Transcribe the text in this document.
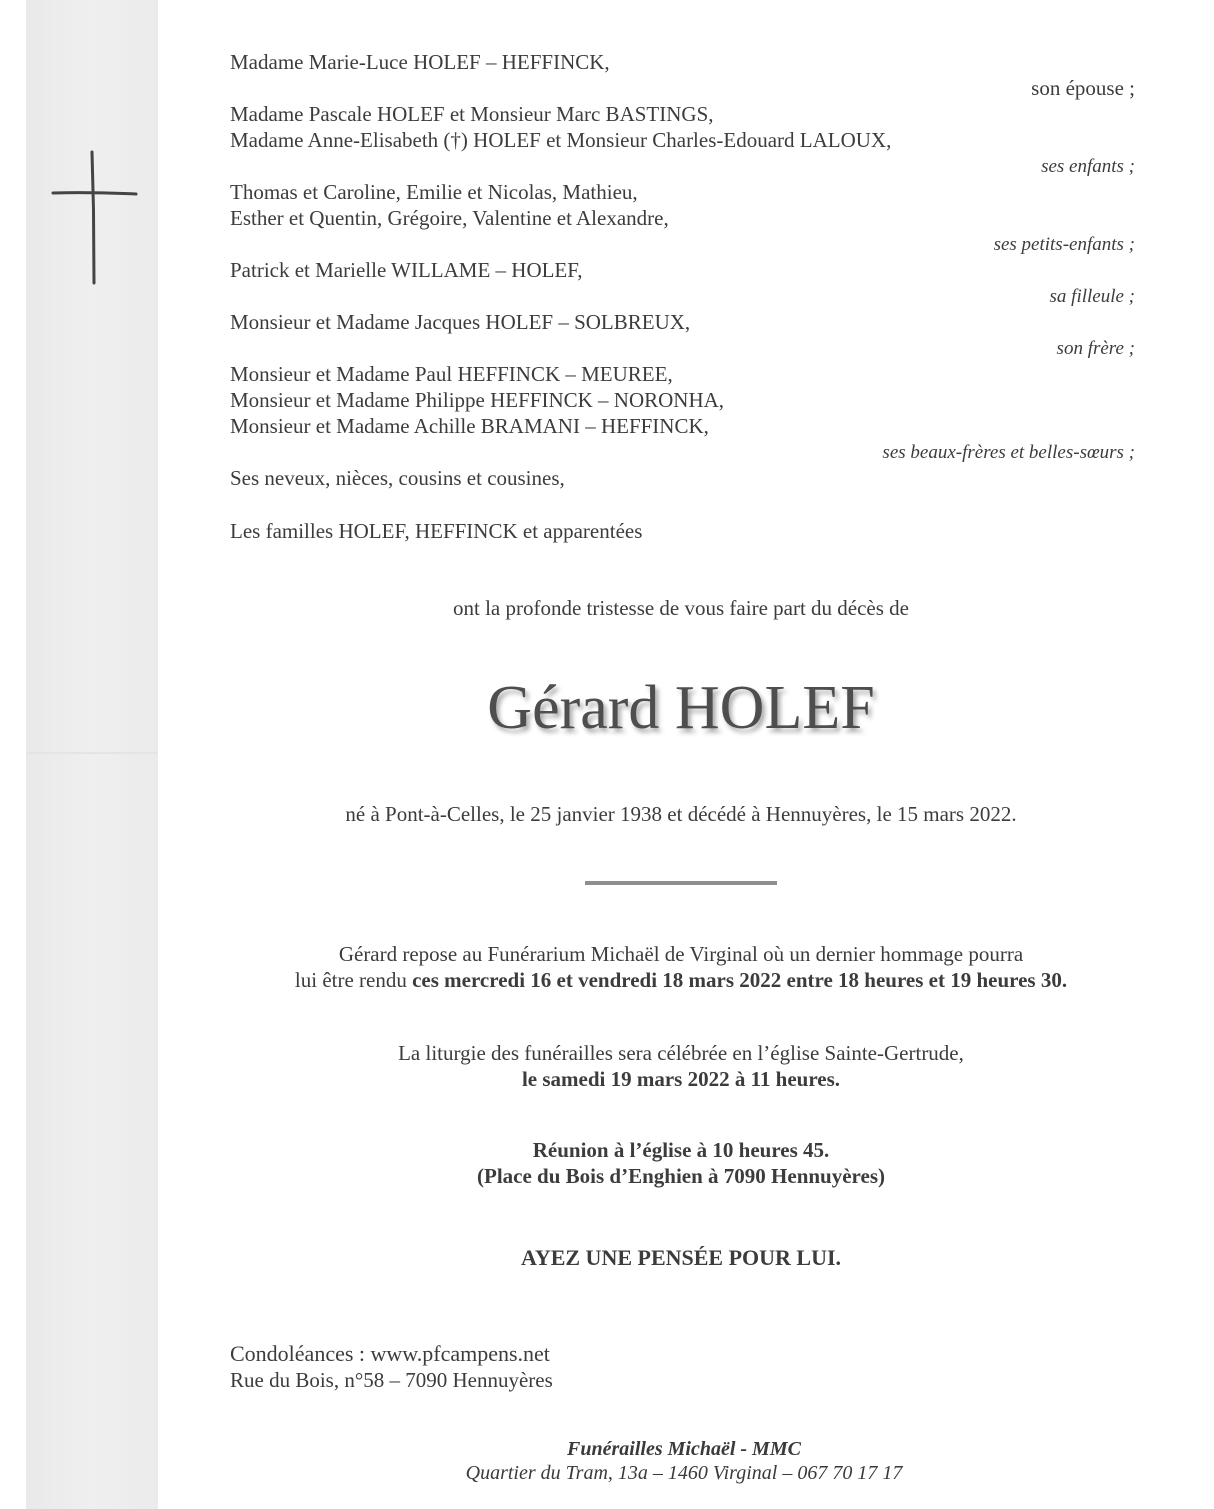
Madame Marie-Luce HOLEF – HEFFINCK,
son épouse ;
Madame Pascale HOLEF et Monsieur Marc BASTINGS,
Madame Anne-Elisabeth (†) HOLEF et Monsieur Charles-Edouard LALOUX,
ses enfants ;
Thomas et Caroline, Emilie et Nicolas, Mathieu,
Esther et Quentin, Grégoire, Valentine et Alexandre,
ses petits-enfants ;
Patrick et Marielle WILLAME – HOLEF,
sa filleule ;
Monsieur et Madame Jacques HOLEF – SOLBREUX,
son frère ;
Monsieur et Madame Paul HEFFINCK – MEUREE,
Monsieur et Madame Philippe HEFFINCK – NORONHA,
Monsieur et Madame Achille BRAMANI – HEFFINCK,
ses beaux-frères et belles-sœurs ;
Ses neveux, nièces, cousins et cousines,
Les familles HOLEF, HEFFINCK et apparentées
ont la profonde tristesse de vous faire part du décès de
Gérard HOLEF
né à Pont-à-Celles, le 25 janvier 1938 et décédé à Hennuyères, le 15 mars 2022.
Gérard repose au Funérarium Michaël de Virginal où un dernier hommage pourra
lui être rendu ces mercredi 16 et vendredi 18 mars 2022 entre 18 heures et 19 heures 30.
La liturgie des funérailles sera célébrée en l’église Sainte-Gertrude,
le samedi 19 mars 2022 à 11 heures.
Réunion à l’église à 10 heures 45.
(Place du Bois d’Enghien à 7090 Hennuyères)
AYEZ UNE PENSÉE POUR LUI.
Condoléances : www.pfcampens.net
Rue du Bois, n°58 – 7090 Hennuyères
Funérailles Michaël - MMC
Quartier du Tram, 13a – 1460 Virginal – 067 70 17 17
